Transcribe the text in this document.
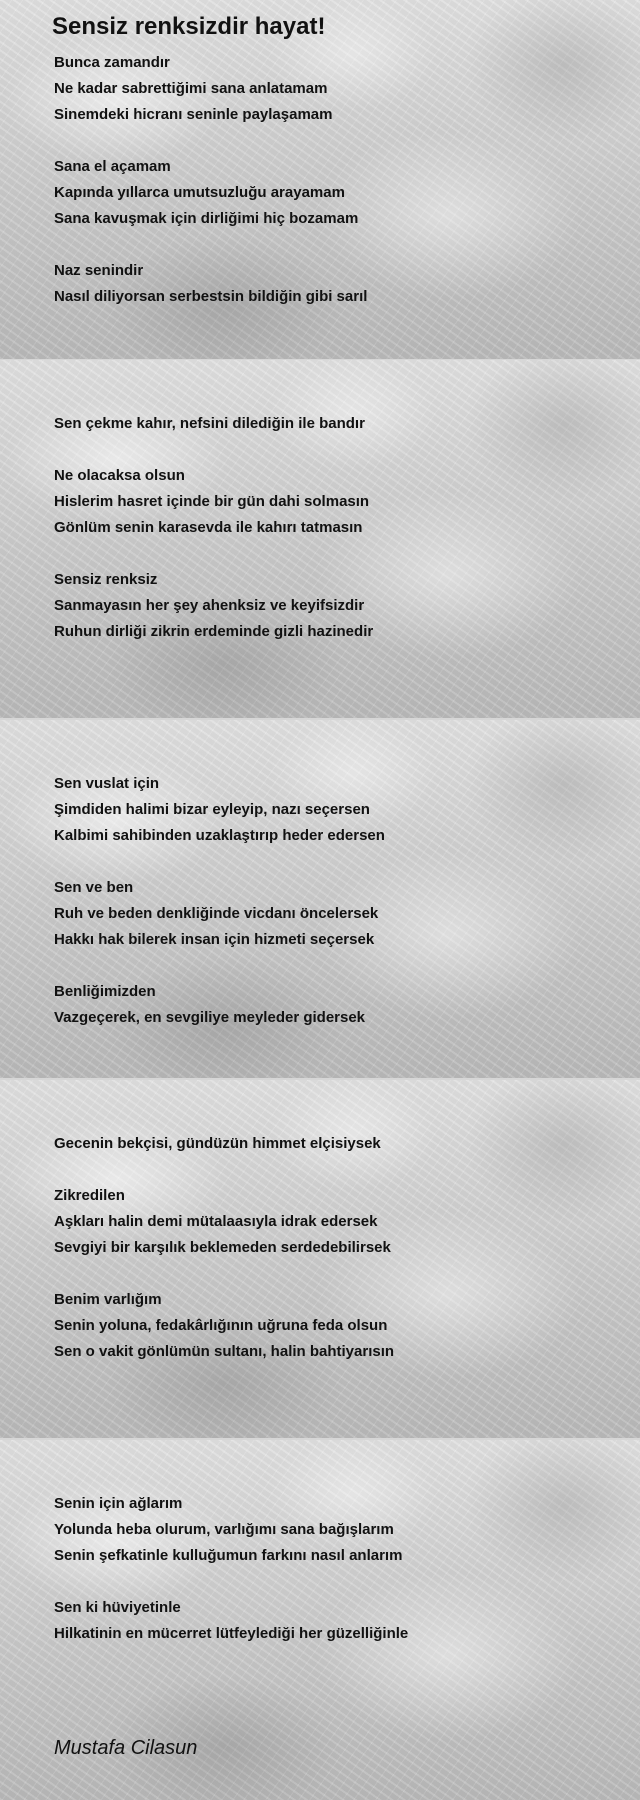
Sensiz renksizdir hayat!
Bunca zamandır
Ne kadar sabrettiğimi sana anlatamam
Sinemdeki hicranı seninle paylaşamam
Sana el açamam
Kapında yıllarca umutsuzluğu arayamam
Sana kavuşmak için dirliğimi hiç bozamam
Naz senindir
Nasıl diliyorsan serbestsin bildiğin gibi sarıl
Sen çekme kahır, nefsini dilediğin ile bandır
Ne olacaksa olsun
Hislerim hasret içinde bir gün dahi solmasın
Gönlüm senin karasevda ile kahırı tatmasın
Sensiz renksiz
Sanmayasın her şey ahenksiz ve keyifsizdir
Ruhun dirliği zikrin erdeminde gizli hazinedir
Sen vuslat için
Şimdiden halimi bizar eyleyip, nazı seçersen
Kalbimi sahibinden uzaklaştırıp heder edersen
Sen ve ben
Ruh ve beden denkliğinde vicdanı öncelersek
Hakkı hak bilerek insan için hizmeti seçersek
Benliğimizden
Vazgeçerek, en sevgiliye meyleder gidersek
Gecenin bekçisi, gündüzün himmet elçisiysek
Zikredilen
Aşkları halin demi mütalaasıyla idrak edersek
Sevgiyi bir karşılık beklemeden serdedebilirsek
Benim varlığım
Senin yoluna, fedakârlığının uğruna feda olsun
Sen o vakit gönlümün sultanı, halin bahtiyarısın
Senin için ağlarım
Yolunda heba olurum, varlığımı sana bağışlarım
Senin şefkatinle kulluğumun farkını nasıl anlarım
Sen ki hüviyetinle
Hilkatinin en mücerret lütfeylediği her güzelliğinle
Mustafa Cilasun
